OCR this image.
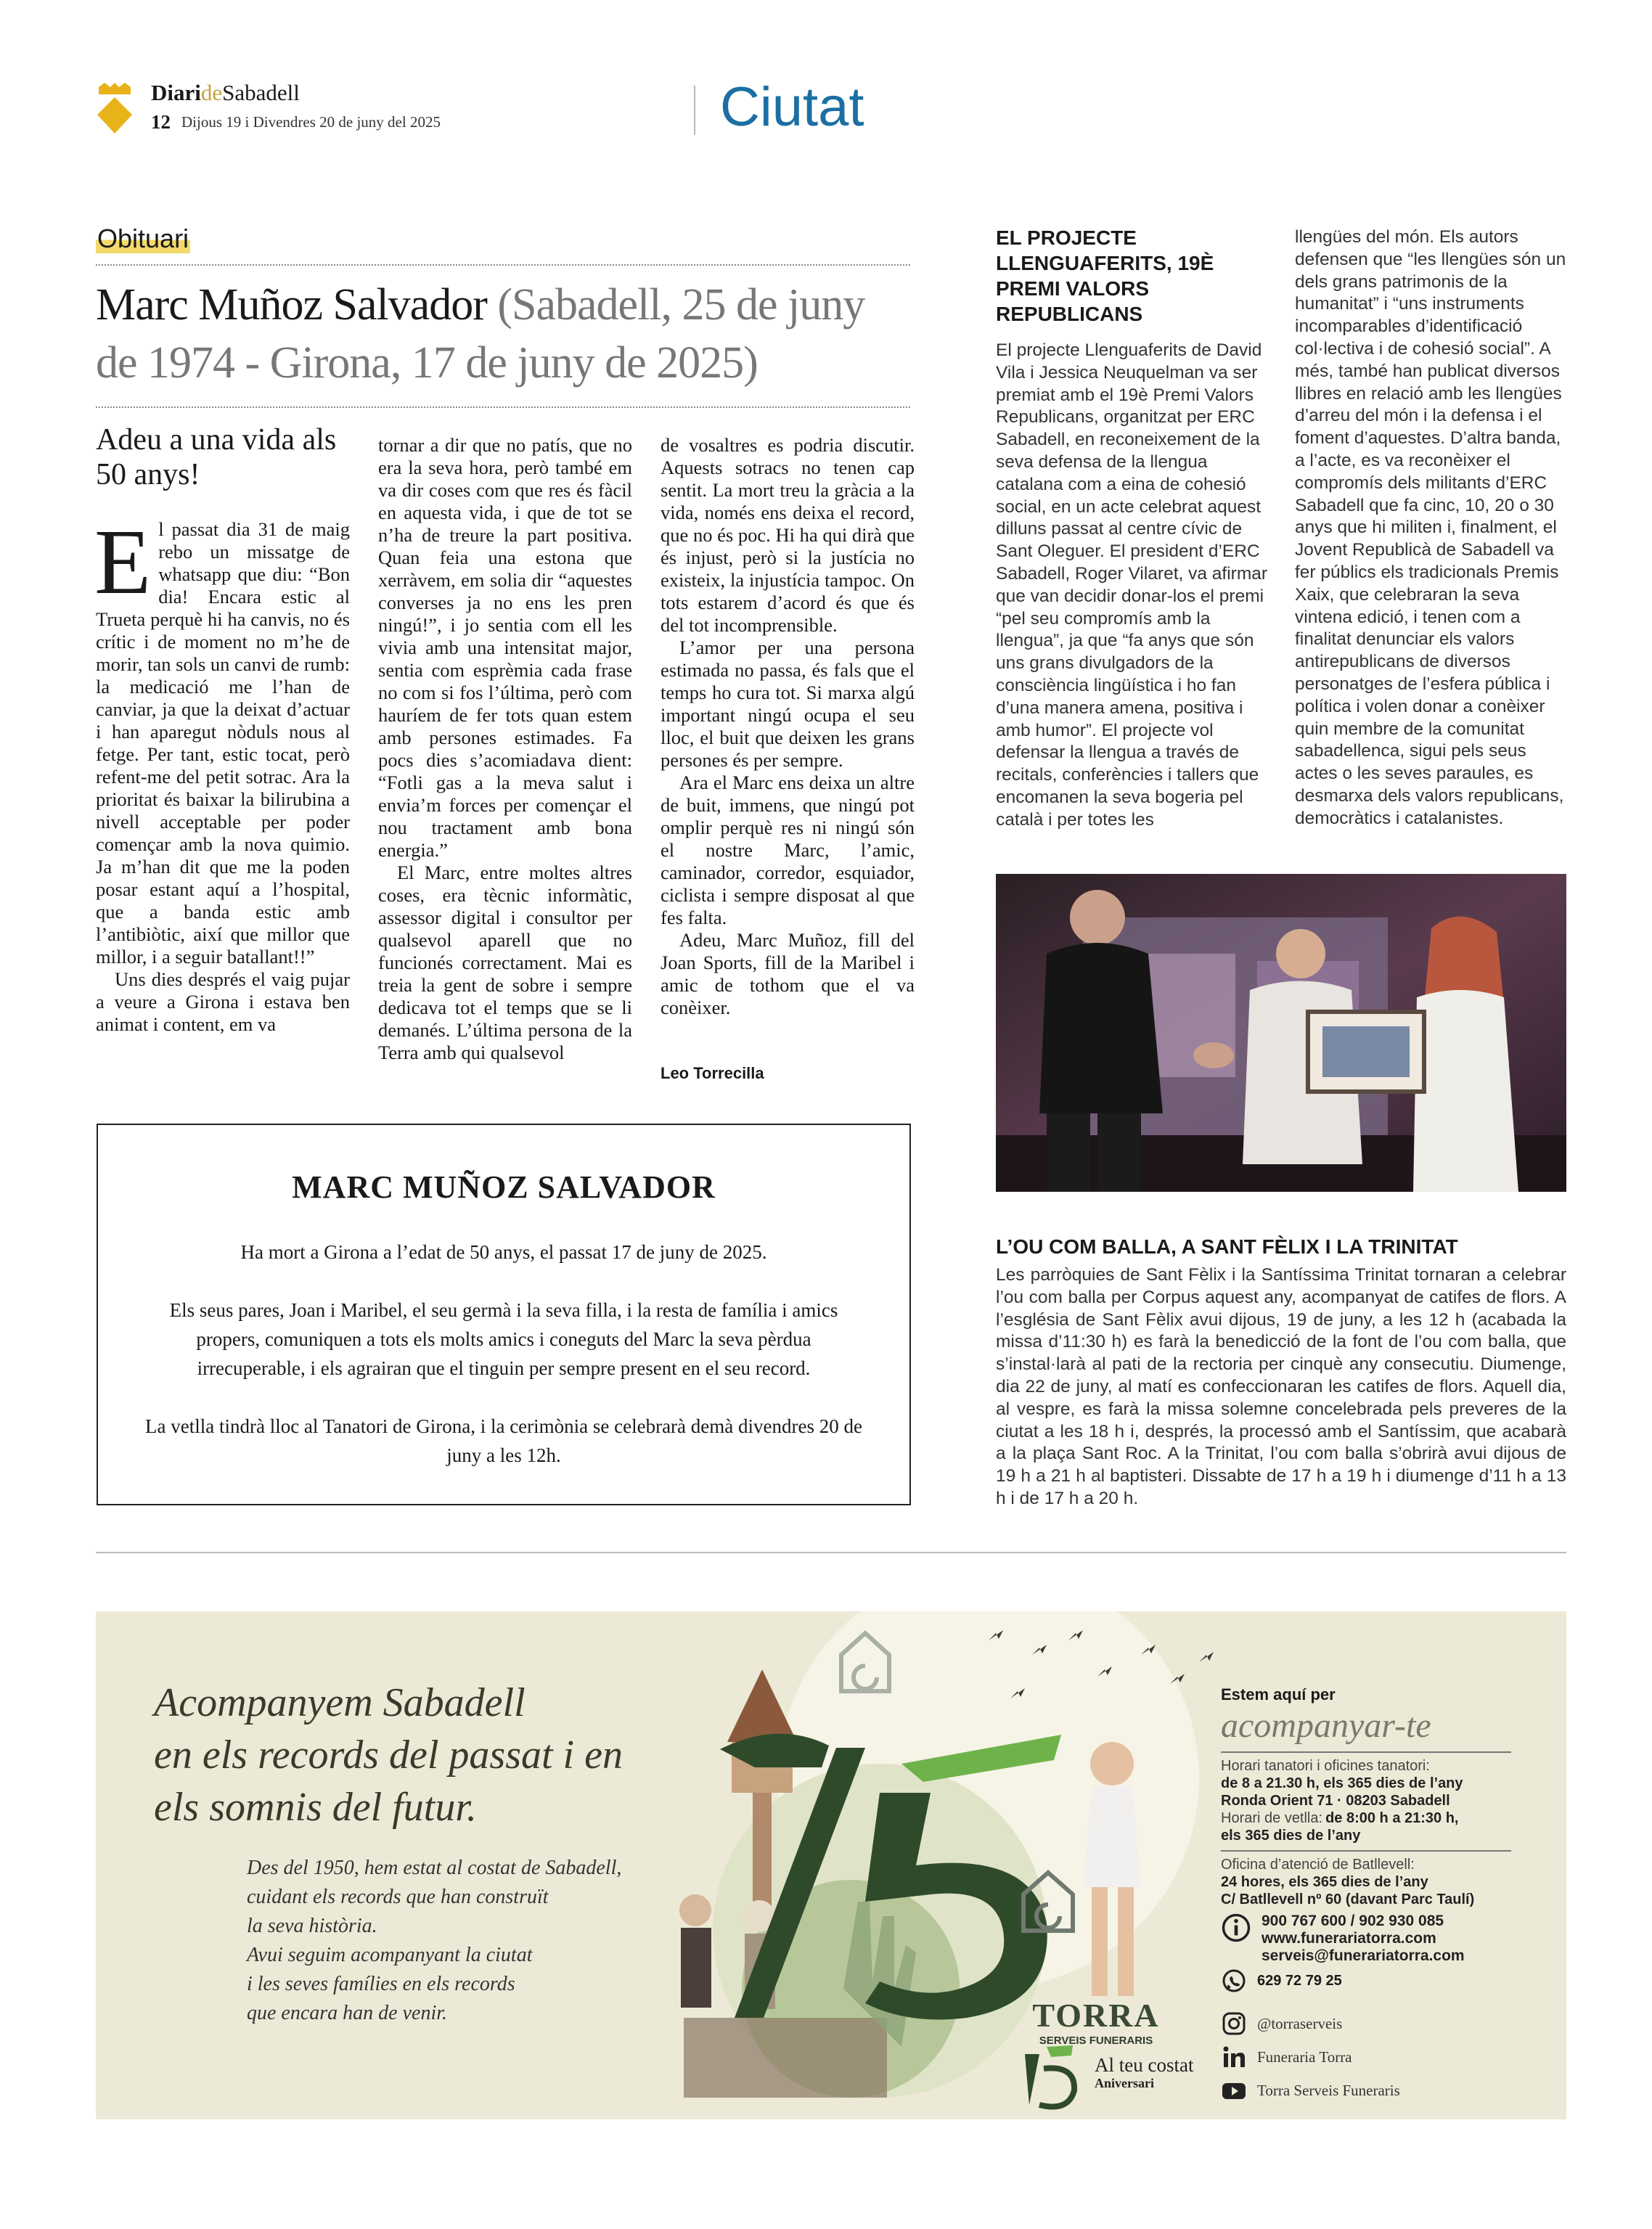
DiarideSabadell
12 Dijous 19 i Divendres 20 de juny del 2025	Ciutat
Obituari
Marc Muñoz Salvador (Sabadell, 25 de juny de 1974 - Girona, 17 de juny de 2025)
Adeu a una vida als 50 anys!
E l passat dia 31 de maig rebo un missatge de whatsapp que diu: “Bon dia! Encara estic al Trueta perquè hi ha canvis, no és crític i de moment no m’he de morir, tan sols un canvi de rumb: la medicació me l’han de canviar, ja que la deixat d’actuar i han aparegut nòduls nous al fetge. Per tant, estic tocat, però refent-me del petit sotrac. Ara la prioritat és baixar la bilirubina a nivell acceptable per poder començar amb la nova quimio. Ja m’han dit que me la poden posar estant aquí a l’hospital, que a banda estic amb l’antibiòtic, així que millor que millor, i a seguir batallant!!”

Uns dies després el vaig pujar a veure a Girona i estava ben animat i content, em va

tornar a dir que no patís, que no era la seva hora, però també em va dir coses com que res és fàcil en aquesta vida, i que de tot se n’ha de treure la part positiva. Quan feia una estona que xerràvem, em solia dir “aquestes converses ja no ens les pren ningú!”, i jo sentia com ell les vivia amb una intensitat major, sentia com esprèmia cada frase no com si fos l’última, però com hauríem de fer tots quan estem amb persones estimades. Fa pocs dies s’acomiadava dient: “Fotli gas a la meva salut i envia’m forces per començar el nou tractament amb bona energia.”

El Marc, entre moltes altres coses, era tècnic informàtic, assessor digital i consultor per qualsevol aparell que no funcionés correctament. Mai es treia la gent de sobre i sempre dedicava tot el temps que se li demanés. L’última persona de la Terra amb qui qualsevol

de vosaltres es podria discutir. Aquests sotracs no tenen cap sentit. La mort treu la gràcia a la vida, només ens deixa el record, que no és poc. Hi ha qui dirà que és injust, però si la justícia no existeix, la injustícia tampoc. On tots estarem d’acord és que és del tot incomprensible.

L’amor per una persona estimada no passa, és fals que el temps ho cura tot. Si marxa algú important ningú ocupa el seu lloc, el buit que deixen les grans persones és per sempre.

Ara el Marc ens deixa un altre de buit, immens, que ningú pot omplir perquè res ni ningú són el nostre Marc, l’amic, caminador, corredor, esquiador, ciclista i sempre disposat al que fes falta.

Adeu, Marc Muñoz, fill del Joan Sports, fill de la Maribel i amic de tothom que el va conèixer.

Leo Torrecilla
MARC MUÑOZ SALVADOR
Ha mort a Girona a l’edat de 50 anys, el passat 17 de juny de 2025.
Els seus pares, Joan i Maribel, el seu germà i la seva filla, i la resta de família i amics propers, comuniquen a tots els molts amics i coneguts del Marc la seva pèrdua irrecuperable, i els agrairan que el tinguin per sempre present en el seu record.
La vetlla tindrà lloc al Tanatori de Girona, i la cerimònia se celebrarà demà divendres 20 de juny a les 12h.
EL PROJECTE LLENGUAFERITS, 19È PREMI VALORS REPUBLICANS
El projecte Llenguaferits de David Vila i Jessica Neuquelman va ser premiat amb el 19è Premi Valors Republicans, organitzat per ERC Sabadell, en reconeixement de la seva defensa de la llengua catalana com a eina de cohesió social, en un acte celebrat aquest dilluns passat al centre cívic de Sant Oleguer. El president d’ERC Sabadell, Roger Vilaret, va afirmar que van decidir donar-los el premi “pel seu compromís amb la llengua”, ja que “fa anys que són uns grans divulgadors de la consciència lingüística i ho fan d’una manera amena, positiva i amb humor”. El projecte vol defensar la llengua a través de recitals, conferències i tallers que encomanen la seva bogeria pel català i per totes les
llengües del món. Els autors defensen que “les llengües són un dels grans patrimonis de la humanitat” i “uns instruments incomparables d’identificació col·lectiva i de cohesió social”. A més, també han publicat diversos llibres en relació amb les llengües d’arreu del món i la defensa i el foment d’aquestes. D’altra banda, a l’acte, es va reconèixer el compromís dels militants d’ERC Sabadell que fa cinc, 10, 20 o 30 anys que hi militen i, finalment, el Jovent Republicà de Sabadell va fer públics els tradicionals Premis Xaix, que celebraran la seva vintena edició, i tenen com a finalitat denunciar els valors antirepublicans de diversos personatges de l’esfera pública i política i volen donar a conèixer quin membre de la comunitat sabadellenca, sigui pels seus actes o les seves paraules, es desmarxa dels valors republicans, democràtics i catalanistes.
L’OU COM BALLA, A SANT FÈLIX I LA TRINITAT
Les parròquies de Sant Fèlix i la Santíssima Trinitat tornaran a celebrar l’ou com balla per Corpus aquest any, acompanyat de catifes de flors. A l’església de Sant Fèlix avui dijous, 19 de juny, a les 12 h (acabada la missa d’11:30 h) es farà la benedicció de la font de l’ou com balla, que s’instal·larà al pati de la rectoria per cinquè any consecutiu. Diumenge, dia 22 de juny, al matí es confeccionaran les catifes de flors. Aquell dia, al vespre, es farà la missa solemne concelebrada pels preveres de la ciutat a les 18 h i, després, la processó amb el Santíssim, que acabarà a la plaça Sant Roc. A la Trinitat, l’ou com balla s’obrirà avui dijous de 19 h a 21 h al baptisteri. Dissabte de 17 h a 19 h i diumenge d’11 h a 13 h i de 17 h a 20 h.
Acompanyem Sabadell
en els records del passat i en
els somnis del futur.
Des del 1950, hem estat al costat de Sabadell,
cuidant els records que han construït
la seva història.
Avui seguim acompanyant la ciutat
i les seves famílies en els records
que encara han de venir.	TORRA
SERVEIS FUNERARIS
Al teu costat
Aniversari
Estem aquí per
acompanyar-te
Horari tanatori i oficines tanatori:
de 8 a 21.30 h, els 365 dies de l’any
Ronda Orient 71 · 08203 Sabadell
Horari de vetlla: de 8:00 h a 21:30 h,
els 365 dies de l’any
Oficina d’atenció de Batllevell:
24 hores, els 365 dies de l’any
C/ Batllevell nº 60 (davant Parc Taulí)
900 767 600 / 902 930 085
www.funerariatorra.com
serveis@funerariatorra.com
629 72 79 25
@torraserveis
Funeraria Torra
Torra Serveis Funeraris
